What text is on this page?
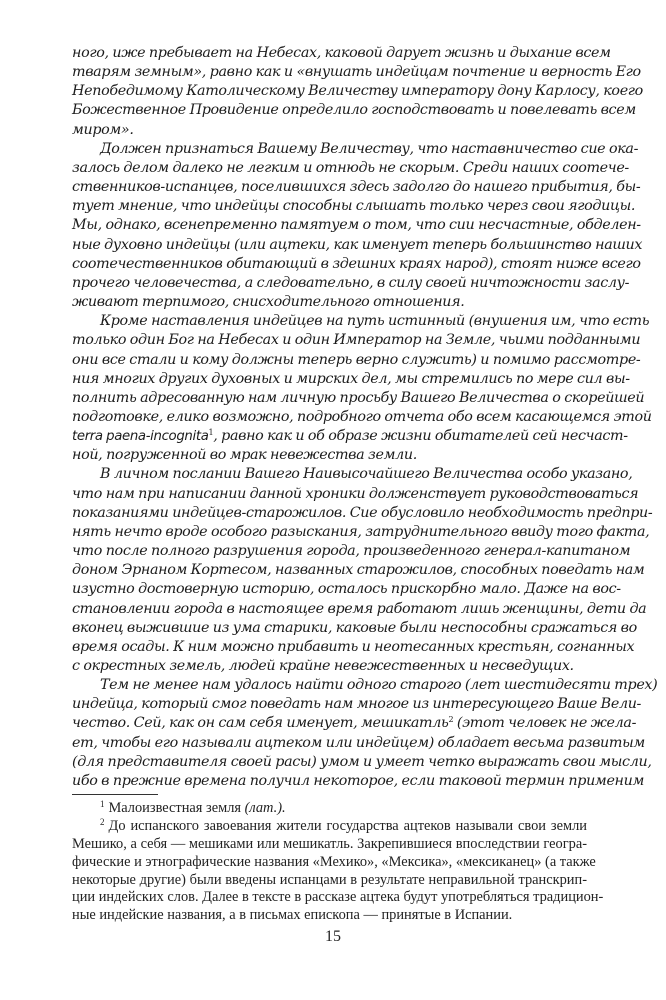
ного, иже пребывает на Небесах, каковой дарует жизнь и дыхание всем
тварям земным», равно как и «внушать индейцам почтение и верность Его
Непобедимому Католическому Величеству императору дону Карлосу, коего
Божественное Провидение определило господствовать и повелевать всем
миром».
Должен признаться Вашему Величеству, что наставничество сие ока-
залось делом далеко не легким и отнюдь не скорым. Среди наших соотече-
ственников-испанцев, поселившихся здесь задолго до нашего прибытия, бы-
тует мнение, что индейцы способны слышать только через свои ягодицы.
Мы, однако, всенепременно памятуем о том, что сии несчастные, обделен-
ные духовно индейцы (или ацтеки, как именует теперь большинство наших
соотечественников обитающий в здешних краях народ), стоят ниже всего
прочего человечества, а следовательно, в силу своей ничтожности заслу-
живают терпимого, снисходительного отношения.
Кроме наставления индейцев на путь истинный (внушения им, что есть
только один Бог на Небесах и один Император на Земле, чьими подданными
они все стали и кому должны теперь верно служить) и помимо рассмотре-
ния многих других духовных и мирских дел, мы стремились по мере сил вы-
полнить адресованную нам личную просьбу Вашего Величества о скорейшей
подготовке, елико возможно, подробного отчета обо всем касающемся этой
terra paena-incognita$^1$, равно как и об образе жизни обитателей сей несчаст-
ной, погруженной во мрак невежества земли.
В личном послании Вашего Наивысочайшего Величества особо указано,
что нам при написании данной хроники долженствует руководствоваться
показаниями индейцев-старожилов. Сие обусловило необходимость предпри-
нять нечто вроде особого разыскания, затруднительного ввиду того факта,
что после полного разрушения города, произведенного генерал-капитаном
доном Эрнаном Кортесом, названных старожилов, способных поведать нам
изустно достоверную историю, осталось прискорбно мало. Даже на вос-
становлении города в настоящее время работают лишь женщины, дети да
вконец выжившие из ума старики, каковые были неспособны сражаться во
время осады. К ним можно прибавить и неотесанных крестьян, согнанных
с окрестных земель, людей крайне невежественных и несведущих.
Тем не менее нам удалось найти одного старого (лет шестидесяти трех)
индейца, который смог поведать нам многое из интересующего Ваше Вели-
чество. Сей, как он сам себя именует, мешикатль$^2$ (этот человек не жела-
ет, чтобы его называли ацтеком или индейцем) обладает весьма развитым
(для представителя своей расы) умом и умеет четко выражать свои мысли,
ибо в прежние времена получил некоторое, если таковой термин применим
$^1$ Малоизвестная земля (лат.).
$^2$ До испанского завоевания жители государства ацтеков называли свои земли
Мешико, а себя — мешиками или мешикатль. Закрепившиеся впоследствии геогра-
фические и этнографические названия «Мехико», «Мексика», «мексиканец» (а также
некоторые другие) были введены испанцами в результате неправильной транскрип-
ции индейских слов. Далее в тексте в рассказе ацтека будут употребляться традицион-
ные индейские названия, а в письмах епископа — принятые в Испании.
15
